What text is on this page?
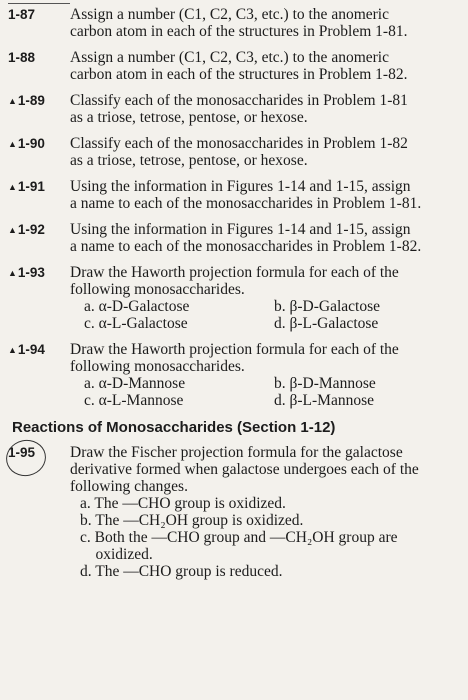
1-87	Assign a number (C1, C2, C3, etc.) to the anomeric
carbon atom in each of the structures in Problem 1-81.
1-88	Assign a number (C1, C2, C3, etc.) to the anomeric
carbon atom in each of the structures in Problem 1-82.
▲1-89	Classify each of the monosaccharides in Problem 1-81
as a triose, tetrose, pentose, or hexose.
▲1-90	Classify each of the monosaccharides in Problem 1-82
as a triose, tetrose, pentose, or hexose.
▲1-91	Using the information in Figures 1-14 and 1-15, assign
a name to each of the monosaccharides in Problem 1-81.
▲1-92	Using the information in Figures 1-14 and 1-15, assign
a name to each of the monosaccharides in Problem 1-82.
▲1-93	Draw the Haworth projection formula for each of the
following monosaccharides.
a. α-D-Galactose	b. β-D-Galactose
c. α-L-Galactose	d. β-L-Galactose
▲1-94	Draw the Haworth projection formula for each of the
following monosaccharides.
a. α-D-Mannose	b. β-D-Mannose
c. α-L-Mannose	d. β-L-Mannose
Reactions of Monosaccharides (Section 1-12)
1-95	Draw the Fischer projection formula for the galactose
derivative formed when galactose undergoes each of the
following changes.
a. The —CHO group is oxidized.
b. The —CH₂OH group is oxidized.
c. Both the —CHO group and —CH₂OH group are
oxidized.
d. The —CHO group is reduced.
